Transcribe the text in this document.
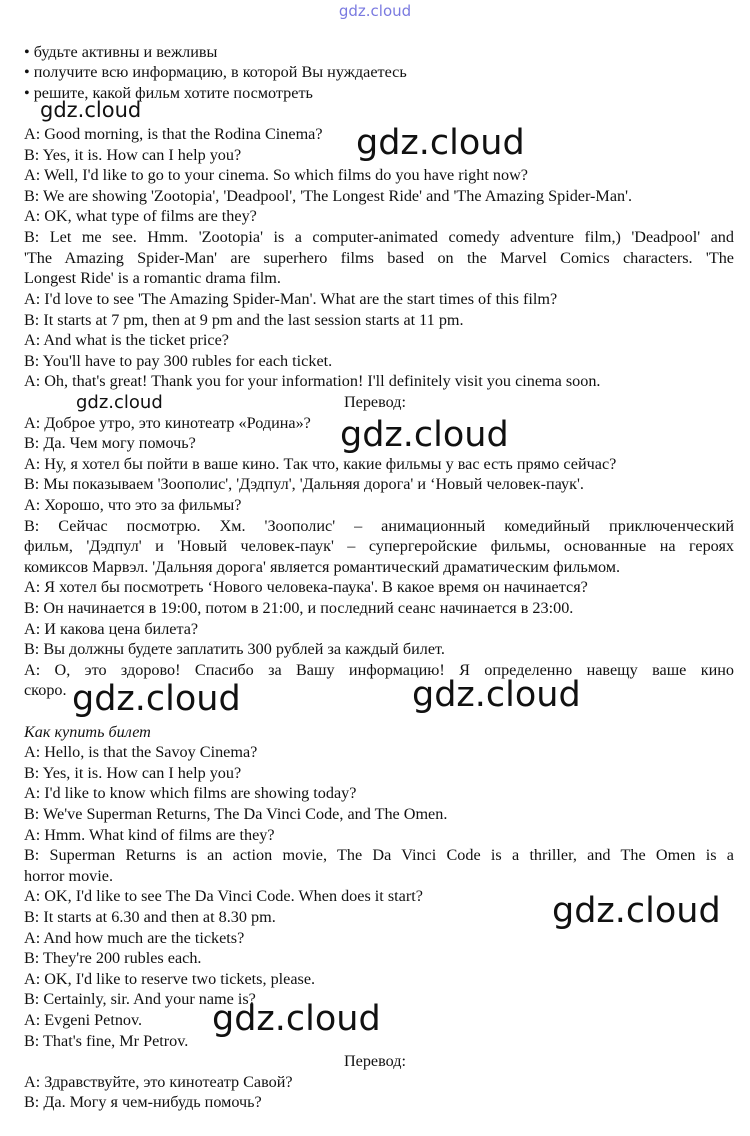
gdz.cloud
• будьте активны и вежливы
• получите всю информацию, в которой Вы нуждаетесь
• решите, какой фильм хотите посмотреть
A: Good morning, is that the Rodina Cinema?
B: Yes, it is. How can I help you?
A: Well, I'd like to go to your cinema. So which films do you have right now?
B: We are showing 'Zootopia', 'Deadpool', 'The Longest Ride' and 'The Amazing Spider-Man'.
A: OK, what type of films are they?
B: Let me see. Hmm. 'Zootopia' is a computer-animated comedy adventure film,) 'Deadpool' and
'The Amazing Spider-Man' are superhero films based on the Marvel Comics characters. 'The
Longest Ride' is a romantic drama film.
A: I'd love to see 'The Amazing Spider-Man'. What are the start times of this film?
B: It starts at 7 pm, then at 9 pm and the last session starts at 11 pm.
A: And what is the ticket price?
B: You'll have to pay 300 rubles for each ticket.
A: Oh, that's great! Thank you for your information! I'll definitely visit you cinema soon.
Перевод:
А: Доброе утро, это кинотеатр «Родина»?
В: Да. Чем могу помочь?
А: Ну, я хотел бы пойти в ваше кино. Так что, какие фильмы у вас есть прямо сейчас?
В: Мы показываем 'Зоополис', 'Дэдпул', 'Дальняя дорога' и ‘Новый человек-паук'.
А: Хорошо, что это за фильмы?
В: Сейчас посмотрю. Хм. 'Зоополис' – анимационный комедийный приключенческий
фильм, 'Дэдпул' и 'Новый человек-паук' – супергеройские фильмы, основанные на героях
комиксов Марвэл. 'Дальняя дорога' является романтический драматическим фильмом.
А: Я хотел бы посмотреть ‘Нового человека-паука'. В какое время он начинается?
В: Он начинается в 19:00, потом в 21:00, и последний сеанс начинается в 23:00.
А: И какова цена билета?
В: Вы должны будете заплатить 300 рублей за каждый билет.
А: О, это здорово! Спасибо за Вашу информацию! Я определенно навещу ваше кино
скоро.
Как купить билет
A: Hello, is that the Savoy Cinema?
B: Yes, it is. How can I help you?
A: I'd like to know which films are showing today?
B: We've Superman Returns, The Da Vinci Code, and The Omen.
A: Hmm. What kind of films are they?
B: Superman Returns is an action movie, The Da Vinci Code is a thriller, and The Omen is a
horror movie.
A: OK, I'd like to see The Da Vinci Code. When does it start?
B: It starts at 6.30 and then at 8.30 pm.
A: And how much are the tickets?
B: They're 200 rubles each.
A: OK, I'd like to reserve two tickets, please.
B: Certainly, sir. And your name is?
A: Evgeni Petnov.
B: That's fine, Mr Petrov.
Перевод:
А: Здравствуйте, это кинотеатр Савой?
В: Да. Могу я чем-нибудь помочь?
gdz.cloud
gdz.cloud
gdz.cloud
gdz.cloud
gdz.cloud	gdz.cloud
gdz.cloud
gdz.cloud
